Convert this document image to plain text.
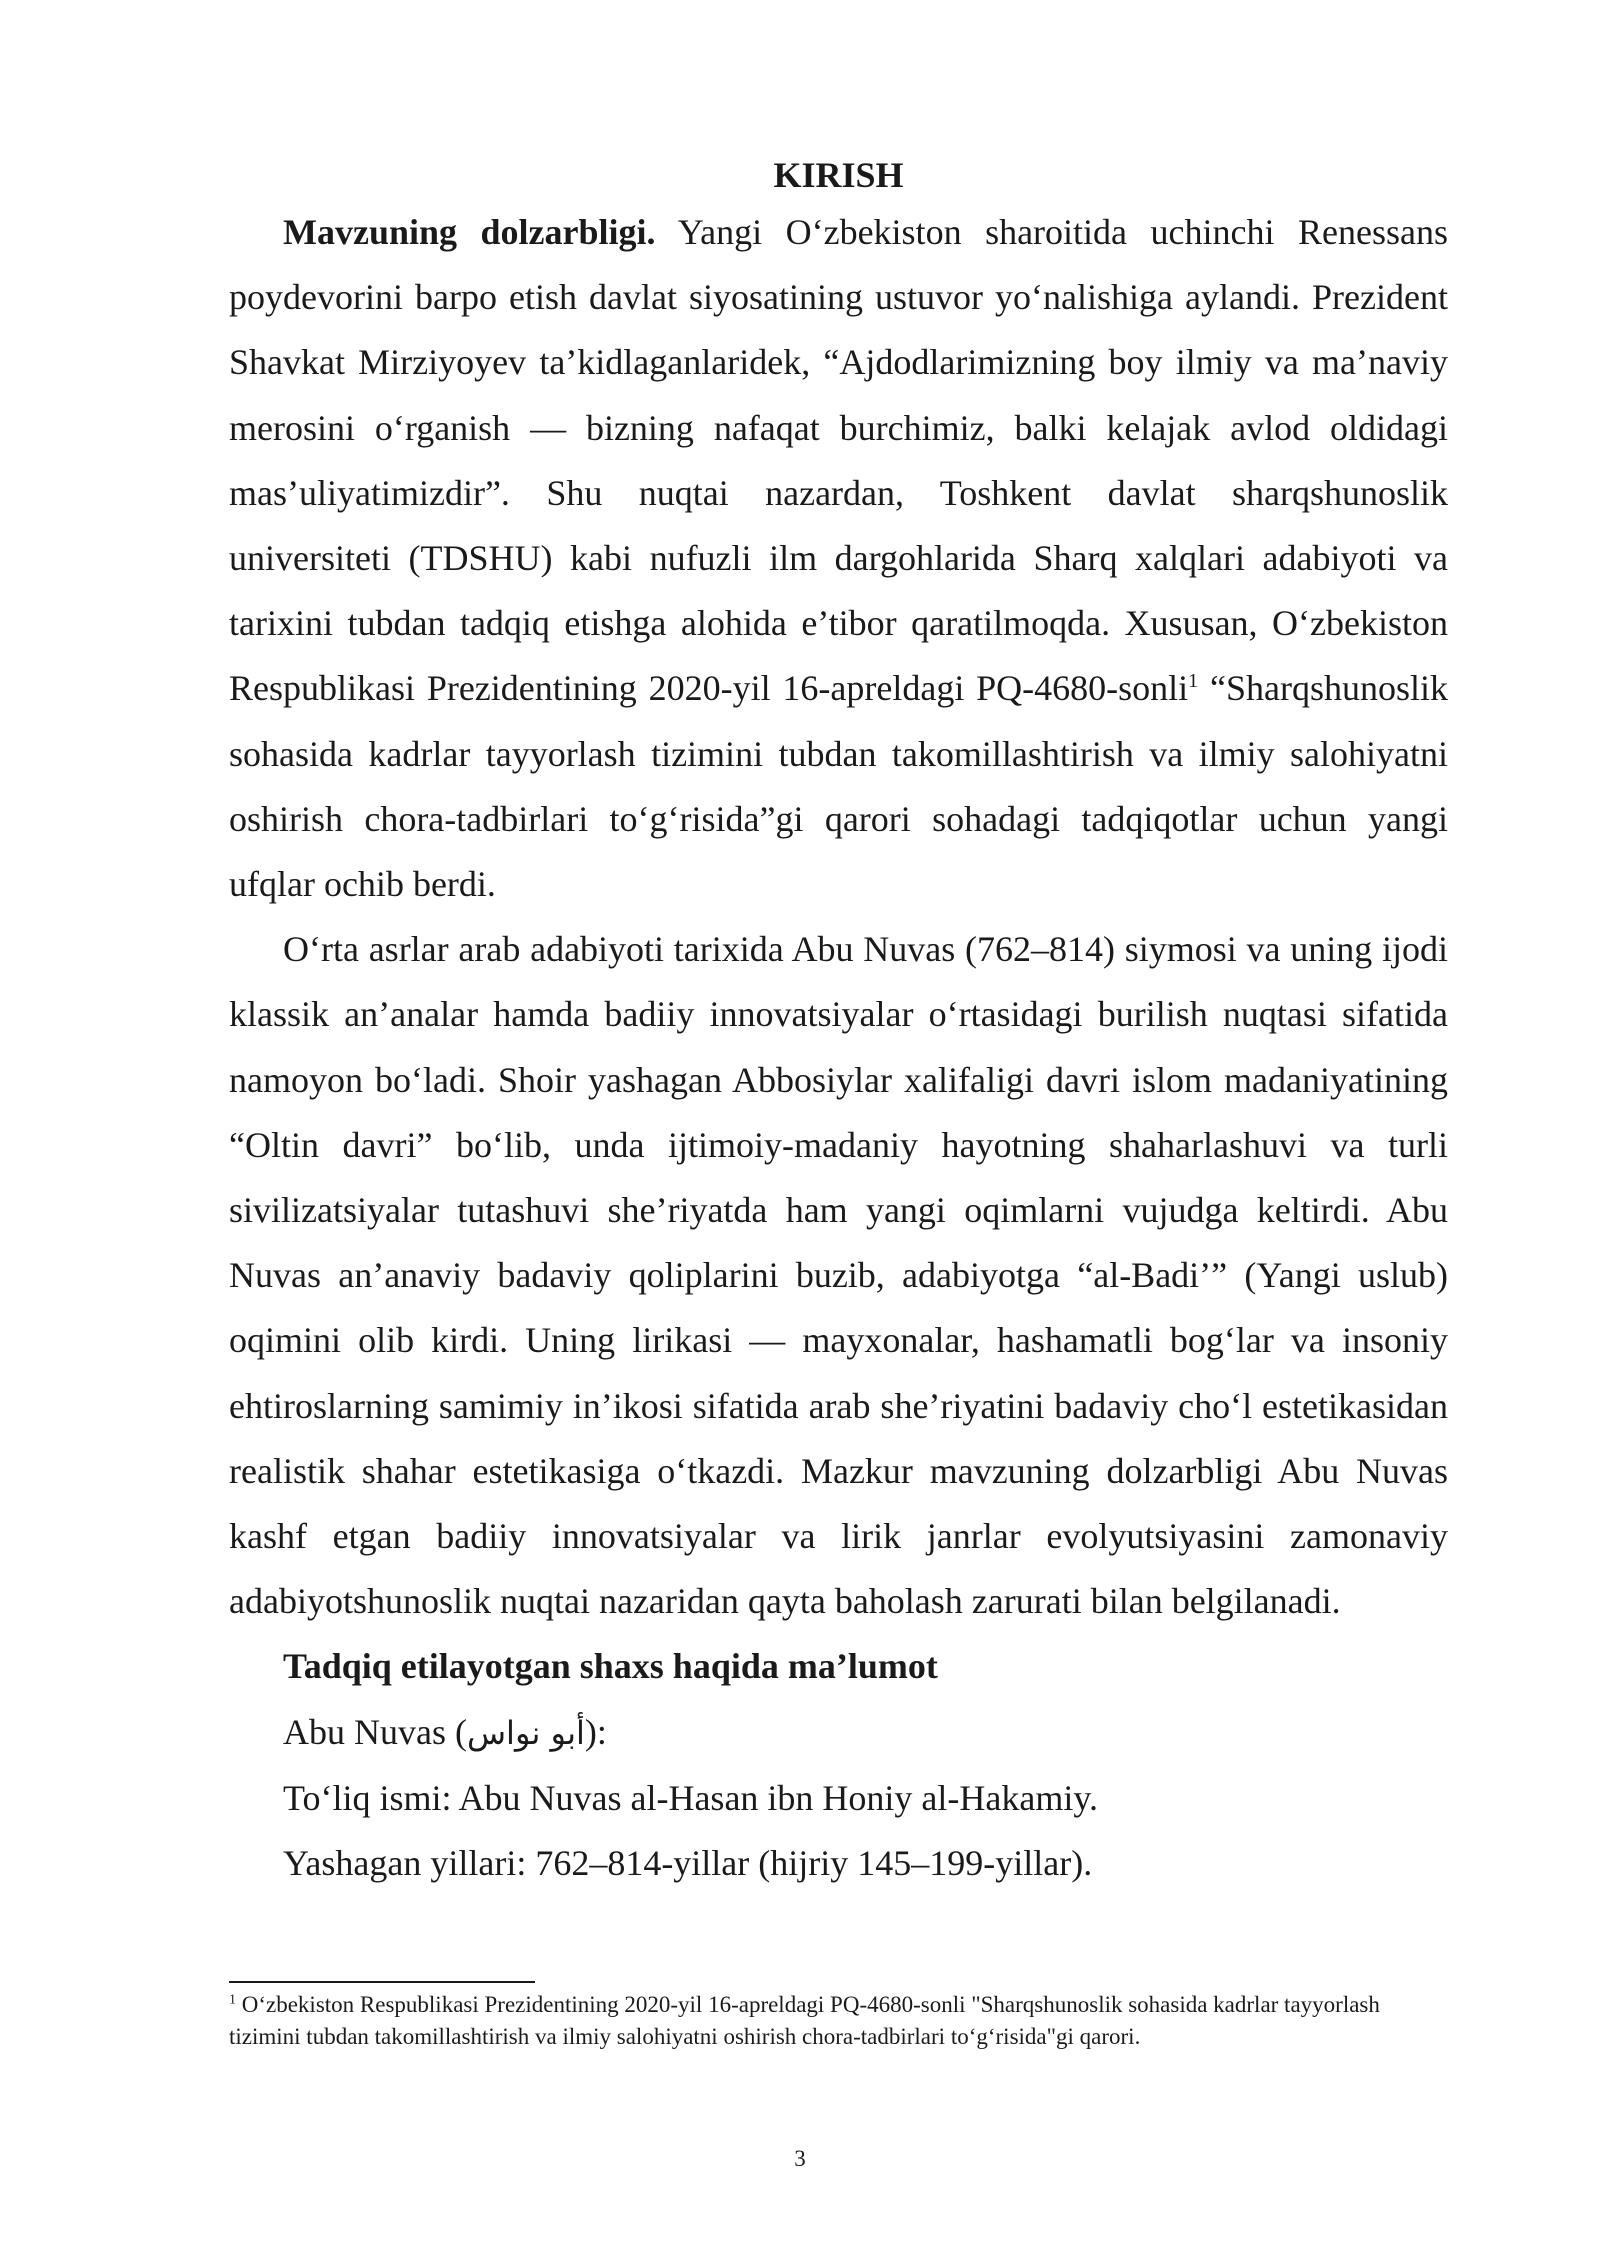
KIRISH

Mavzuning dolzarbligi. Yangi O‘zbekiston sharoitida uchinchi Renessans poydevorini barpo etish davlat siyosatining ustuvor yo‘nalishiga aylandi. Prezident Shavkat Mirziyoyev ta’kidlaganlaridek, “Ajdodlarimizning boy ilmiy va ma’naviy merosini o‘rganish — bizning nafaqat burchimiz, balki kelajak avlod oldidagi mas’uliyatimizdir”. Shu nuqtai nazardan, Toshkent davlat sharqshunoslik universiteti (TDSHU) kabi nufuzli ilm dargohlarida Sharq xalqlari adabiyoti va tarixini tubdan tadqiq etishga alohida e’tibor qaratilmoqda. Xususan, O‘zbekiston Respublikasi Prezidentining 2020-yil 16-apreldagi PQ-4680-sonli$^1$ “Sharqshunoslik sohasida kadrlar tayyorlash tizimini tubdan takomillashtirish va ilmiy salohiyatni oshirish chora-tadbirlari to‘g‘risida”gi qarori sohadagi tadqiqotlar uchun yangi ufqlar ochib berdi.

O‘rta asrlar arab adabiyoti tarixida Abu Nuvas (762–814) siymosi va uning ijodi klassik an’analar hamda badiiy innovatsiyalar o‘rtasidagi burilish nuqtasi sifatida namoyon bo‘ladi. Shoir yashagan Abbosiylar xalifaligi davri islom madaniyatining “Oltin davri” bo‘lib, unda ijtimoiy-madaniy hayotning shaharlashuvi va turli sivilizatsiyalar tutashuvi she’riyatda ham yangi oqimlarni vujudga keltirdi. Abu Nuvas an’anaviy badaviy qoliplarini buzib, adabiyotga “al-Badi’” (Yangi uslub) oqimini olib kirdi. Uning lirikasi — mayxonalar, hashamatli bog‘lar va insoniy ehtiroslarning samimiy in’ikosi sifatida arab she’riyatini badaviy cho‘l estetikasidan realistik shahar estetikasiga o‘tkazdi. Mazkur mavzuning dolzarbligi Abu Nuvas kashf etgan badiiy innovatsiyalar va lirik janrlar evolyutsiyasini zamonaviy adabiyotshunoslik nuqtai nazaridan qayta baholash zarurati bilan belgilanadi.

Tadqiq etilayotgan shaxs haqida ma’lumot

Abu Nuvas (أبو نواس):

To‘liq ismi: Abu Nuvas al-Hasan ibn Honiy al-Hakamiy.

Yashagan yillari: 762–814-yillar (hijriy 145–199-yillar).

$^1$ O‘zbekiston Respublikasi Prezidentining 2020-yil 16-apreldagi PQ-4680-sonli "Sharqshunoslik sohasida kadrlar tayyorlash tizimini tubdan takomillashtirish va ilmiy salohiyatni oshirish chora-tadbirlari to‘g‘risida"gi qarori.

3
